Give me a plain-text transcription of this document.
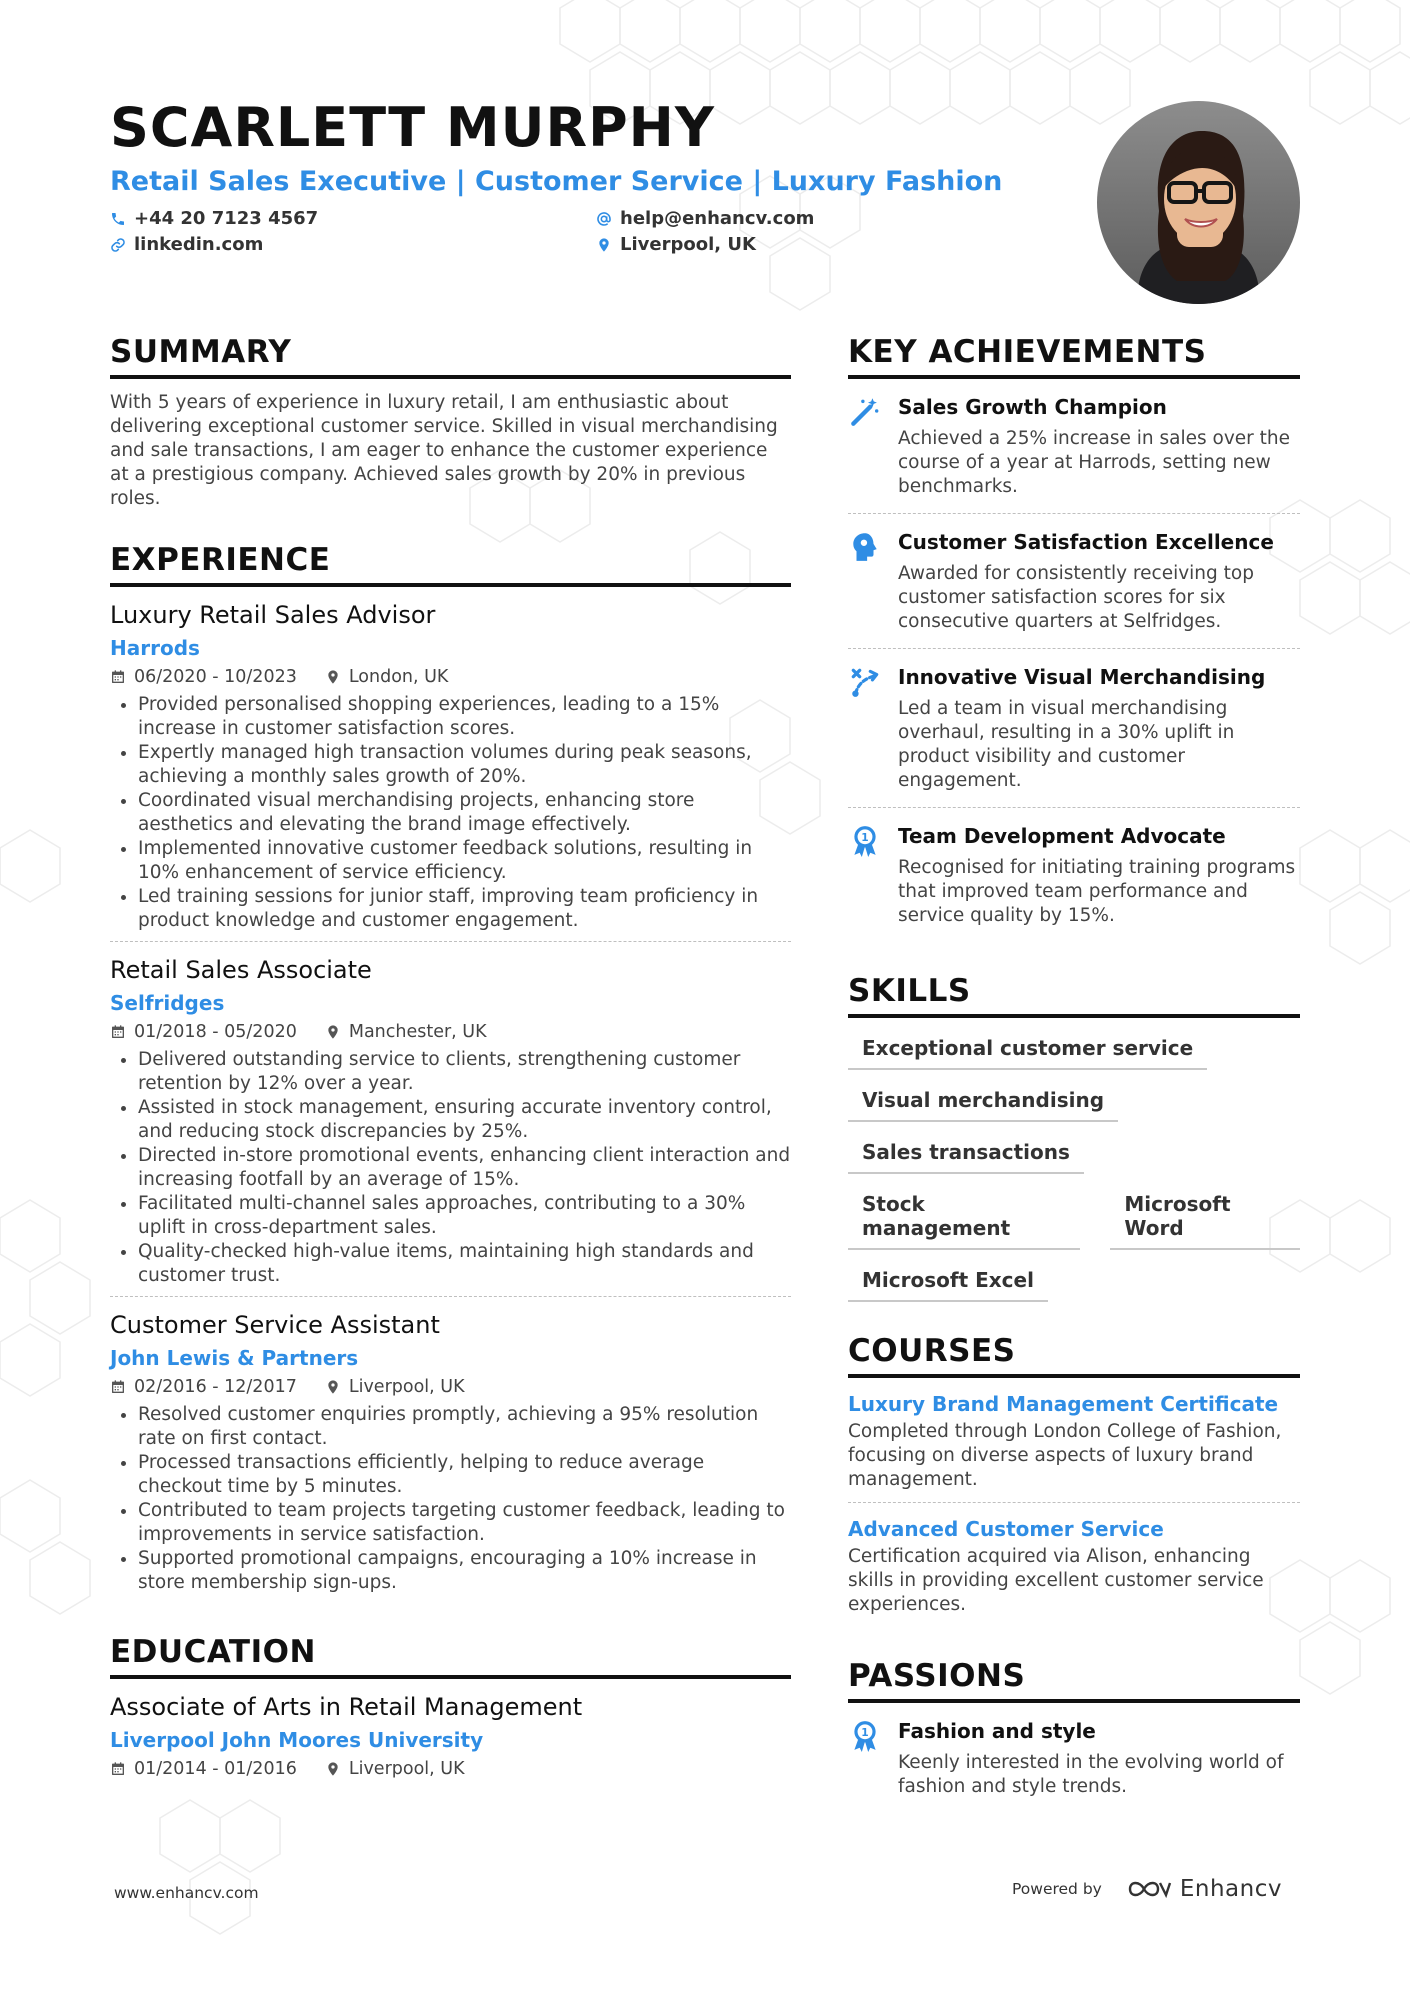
SCARLETT MURPHY
Retail Sales Executive | Customer Service | Luxury Fashion
+44 20 7123 4567	help@enhancv.com
linkedin.com	Liverpool, UK
SUMMARY
With 5 years of experience in luxury retail, I am enthusiastic about delivering exceptional customer service. Skilled in visual merchandising and sale transactions, I am eager to enhance the customer experience at a prestigious company. Achieved sales growth by 20% in previous roles.
EXPERIENCE
Luxury Retail Sales Advisor
Harrods
06/2020 - 10/2023	London, UK
• Provided personalised shopping experiences, leading to a 15% increase in customer satisfaction scores.
• Expertly managed high transaction volumes during peak seasons, achieving a monthly sales growth of 20%.
• Coordinated visual merchandising projects, enhancing store aesthetics and elevating the brand image effectively.
• Implemented innovative customer feedback solutions, resulting in 10% enhancement of service efficiency.
• Led training sessions for junior staff, improving team proficiency in product knowledge and customer engagement.
Retail Sales Associate
Selfridges
01/2018 - 05/2020	Manchester, UK
• Delivered outstanding service to clients, strengthening customer retention by 12% over a year.
• Assisted in stock management, ensuring accurate inventory control, and reducing stock discrepancies by 25%.
• Directed in-store promotional events, enhancing client interaction and increasing footfall by an average of 15%.
• Facilitated multi-channel sales approaches, contributing to a 30% uplift in cross-department sales.
• Quality-checked high-value items, maintaining high standards and customer trust.
Customer Service Assistant
John Lewis & Partners
02/2016 - 12/2017	Liverpool, UK
• Resolved customer enquiries promptly, achieving a 95% resolution rate on first contact.
• Processed transactions efficiently, helping to reduce average checkout time by 5 minutes.
• Contributed to team projects targeting customer feedback, leading to improvements in service satisfaction.
• Supported promotional campaigns, encouraging a 10% increase in store membership sign-ups.
EDUCATION
Associate of Arts in Retail Management
Liverpool John Moores University
01/2014 - 01/2016	Liverpool, UK
KEY ACHIEVEMENTS
Sales Growth Champion
Achieved a 25% increase in sales over the course of a year at Harrods, setting new benchmarks.
Customer Satisfaction Excellence
Awarded for consistently receiving top customer satisfaction scores for six consecutive quarters at Selfridges.
Innovative Visual Merchandising
Led a team in visual merchandising overhaul, resulting in a 30% uplift in product visibility and customer engagement.
1 Team Development Advocate
Recognised for initiating training programs that improved team performance and service quality by 15%.
SKILLS
Exceptional customer service
Visual merchandising
Sales transactions
Stock management
Microsoft Word
Microsoft Excel
COURSES
Luxury Brand Management Certificate
Completed through London College of Fashion, focusing on diverse aspects of luxury brand management.
Advanced Customer Service
Certification acquired via Alison, enhancing skills in providing excellent customer service experiences.
PASSIONS
1 Fashion and style
Keenly interested in the evolving world of fashion and style trends.
www.enhancv.com	Powered by	Enhancv
